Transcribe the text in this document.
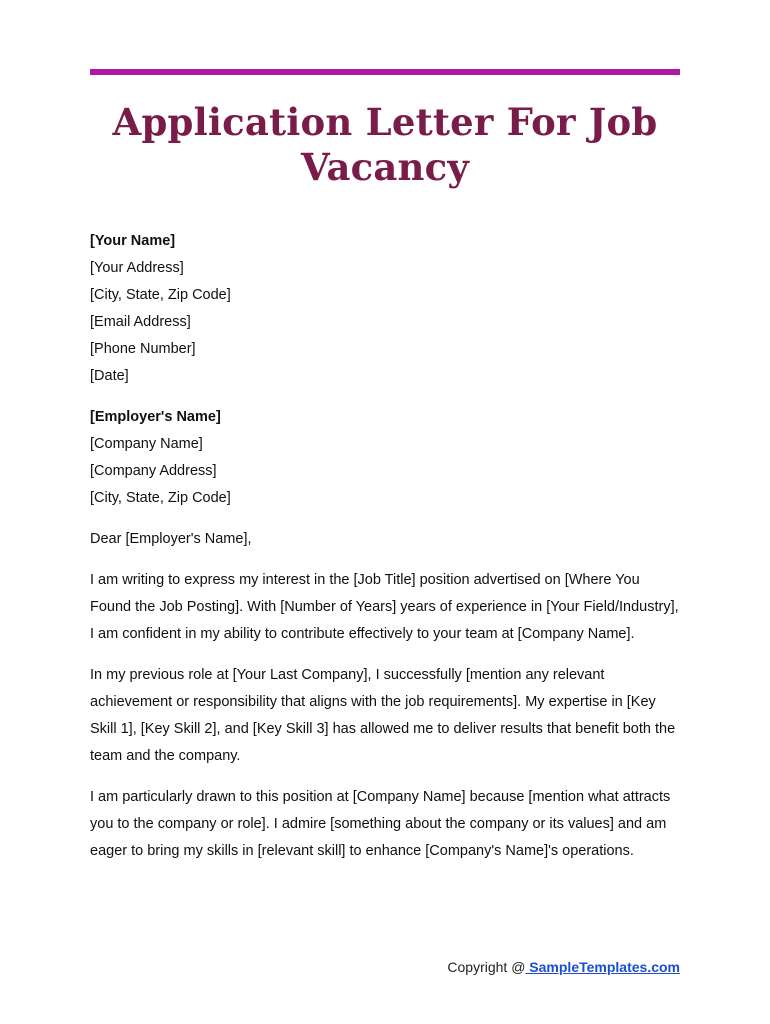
Application Letter For Job Vacancy
[Your Name]
[Your Address]
[City, State, Zip Code]
[Email Address]
[Phone Number]
[Date]
[Employer's Name]
[Company Name]
[Company Address]
[City, State, Zip Code]

Dear [Employer's Name],

I am writing to express my interest in the [Job Title] position advertised on [Where You Found the Job Posting]. With [Number of Years] years of experience in [Your Field/Industry], I am confident in my ability to contribute effectively to your team at [Company Name].

In my previous role at [Your Last Company], I successfully [mention any relevant achievement or responsibility that aligns with the job requirements]. My expertise in [Key Skill 1], [Key Skill 2], and [Key Skill 3] has allowed me to deliver results that benefit both the team and the company.

I am particularly drawn to this position at [Company Name] because [mention what attracts you to the company or role]. I admire [something about the company or its values] and am eager to bring my skills in [relevant skill] to enhance [Company's Name]'s operations.

Copyright @ SampleTemplates.com
